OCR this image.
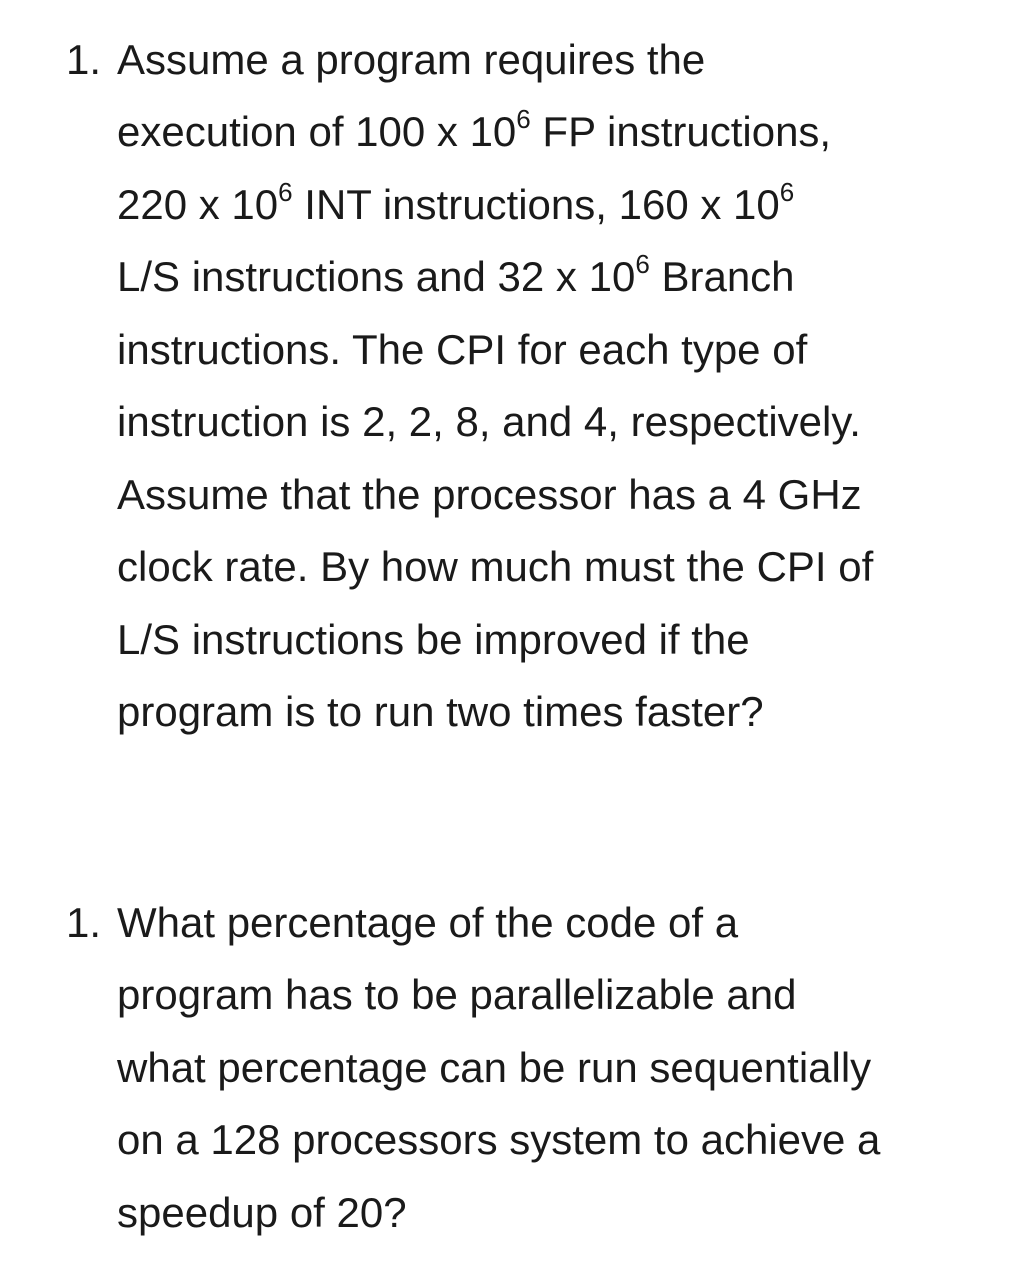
1. Assume a program requires the
execution of 100 x $10^6$ FP instructions,
220 x $10^6$ INT instructions, 160 x $10^6$
L/S instructions and 32 x $10^6$ Branch
instructions. The CPI for each type of
instruction is 2, 2, 8, and 4, respectively.
Assume that the processor has a 4 GHz
clock rate. By how much must the CPI of
L/S instructions be improved if the
program is to run two times faster?
1. What percentage of the code of a
program has to be parallelizable and
what percentage can be run sequentially
on a 128 processors system to achieve a
speedup of 20?
